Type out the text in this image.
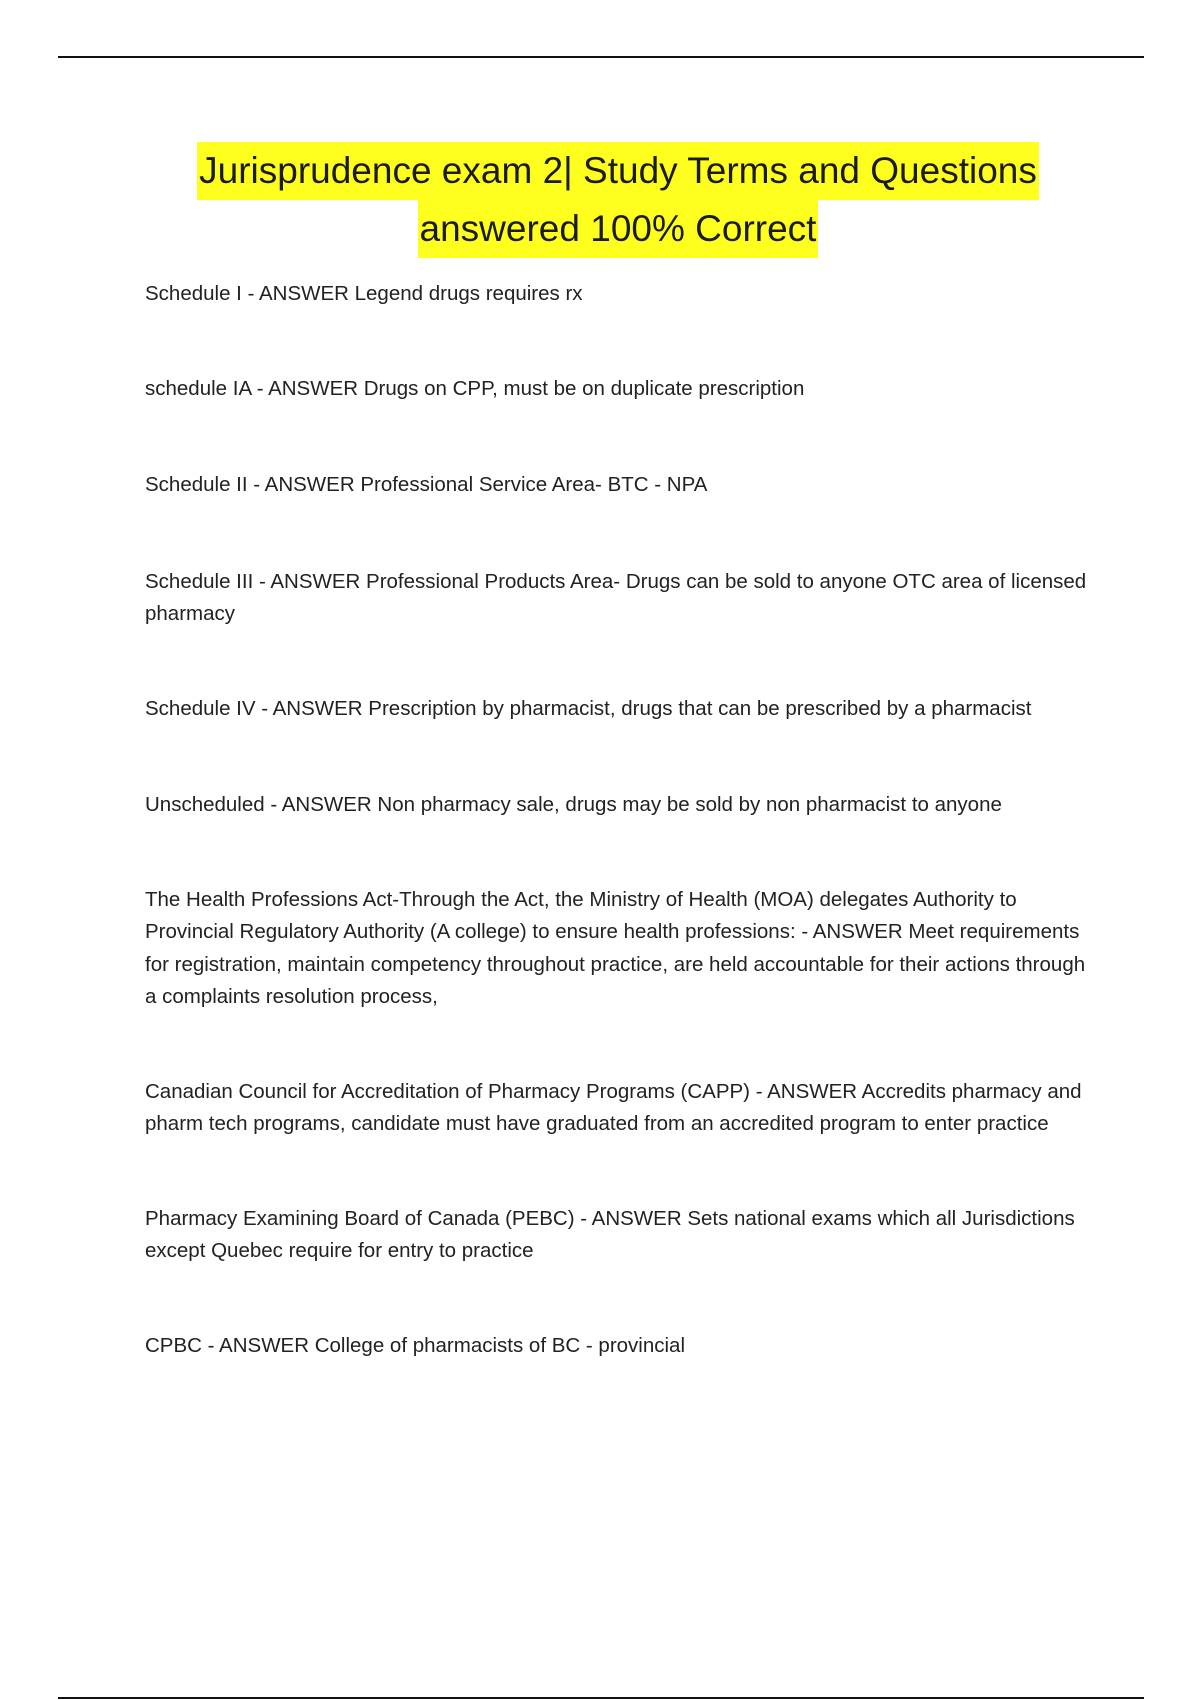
Jurisprudence exam 2| Study Terms and Questions
answered 100% Correct

Schedule I - ANSWER Legend drugs requires rx

schedule IA - ANSWER Drugs on CPP, must be on duplicate prescription

Schedule II - ANSWER Professional Service Area- BTC - NPA

Schedule III - ANSWER Professional Products Area- Drugs can be sold to anyone OTC area of licensed pharmacy

Schedule IV - ANSWER Prescription by pharmacist, drugs that can be prescribed by a pharmacist

Unscheduled - ANSWER Non pharmacy sale, drugs may be sold by non pharmacist to anyone

The Health Professions Act-Through the Act, the Ministry of Health (MOA) delegates Authority to Provincial Regulatory Authority (A college) to ensure health professions: - ANSWER Meet requirements for registration, maintain competency throughout practice, are held accountable for their actions through a complaints resolution process,

Canadian Council for Accreditation of Pharmacy Programs (CAPP) - ANSWER Accredits pharmacy and pharm tech programs, candidate must have graduated from an accredited program to enter practice

Pharmacy Examining Board of Canada (PEBC) - ANSWER Sets national exams which all Jurisdictions except Quebec require for entry to practice

CPBC - ANSWER College of pharmacists of BC - provincial
